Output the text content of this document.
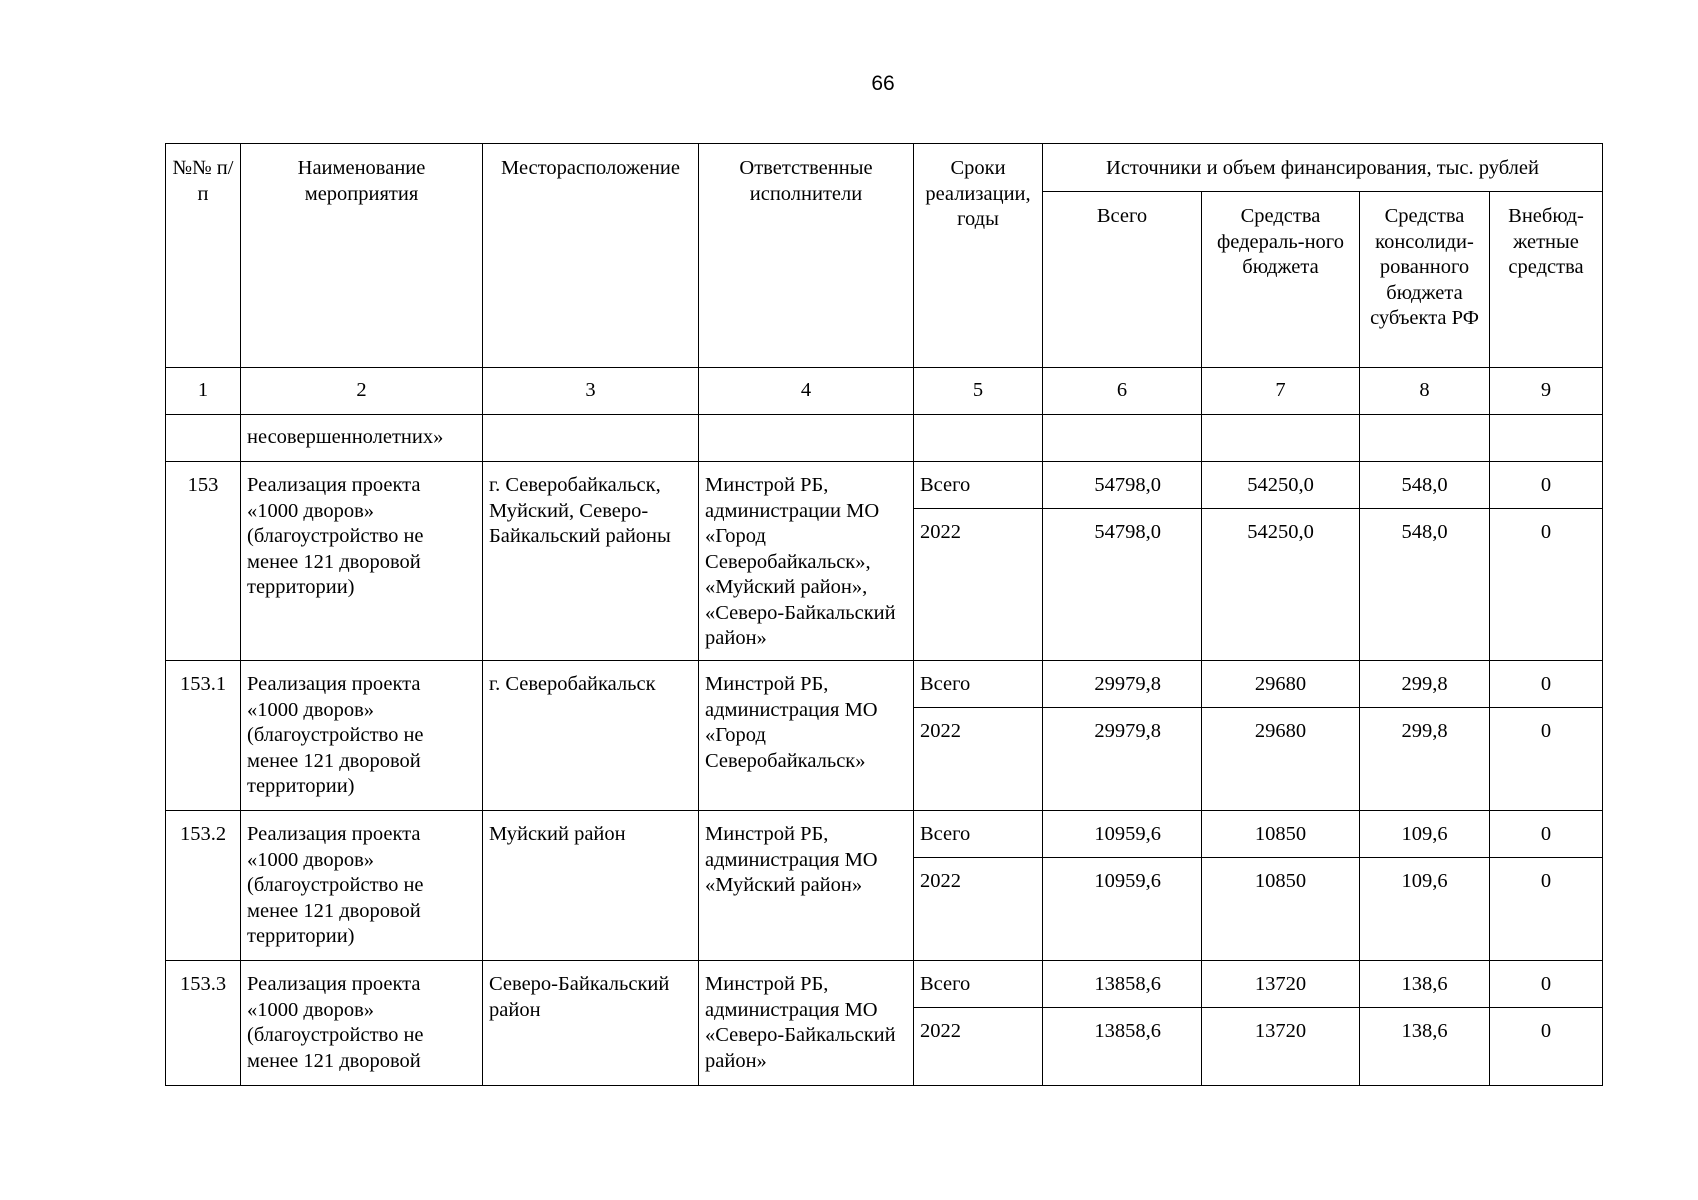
66
№№ п/п	Наименование мероприятия	Месторасположение	Ответственные исполнители	Сроки реализации, годы	Источники и объем финансирования, тыс. рублей			
					Всего	Средства федераль-ного бюджета	Средства консолиди-рованного бюджета субъекта РФ	Внебюд-жетные средства
1	2	3	4	5	6	7	8	9
	несовершеннолетних»							
153	Реализация проекта «1000 дворов» (благоустройство не менее 121 дворовой территории)	г. Северобайкальск, Муйский, Северо-Байкальский районы	Минстрой РБ, администрации МО «Город Северобайкальск», «Муйский район», «Северо-Байкальский район»	Всего	54798,0	54250,0	548,0	0
				2022	54798,0	54250,0	548,0	0
153.1	Реализация проекта «1000 дворов» (благоустройство не менее 121 дворовой территории)	г. Северобайкальск	Минстрой РБ, администрация МО «Город Северобайкальск»	Всего	29979,8	29680	299,8	0
				2022	29979,8	29680	299,8	0
153.2	Реализация проекта «1000 дворов» (благоустройство не менее 121 дворовой территории)	Муйский район	Минстрой РБ, администрация МО «Муйский район»	Всего	10959,6	10850	109,6	0
				2022	10959,6	10850	109,6	0
153.3	Реализация проекта «1000 дворов» (благоустройство не менее 121 дворовой	Северо-Байкальский район	Минстрой РБ, администрация МО «Северо-Байкальский район»	Всего	13858,6	13720	138,6	0
				2022	13858,6	13720	138,6	0
